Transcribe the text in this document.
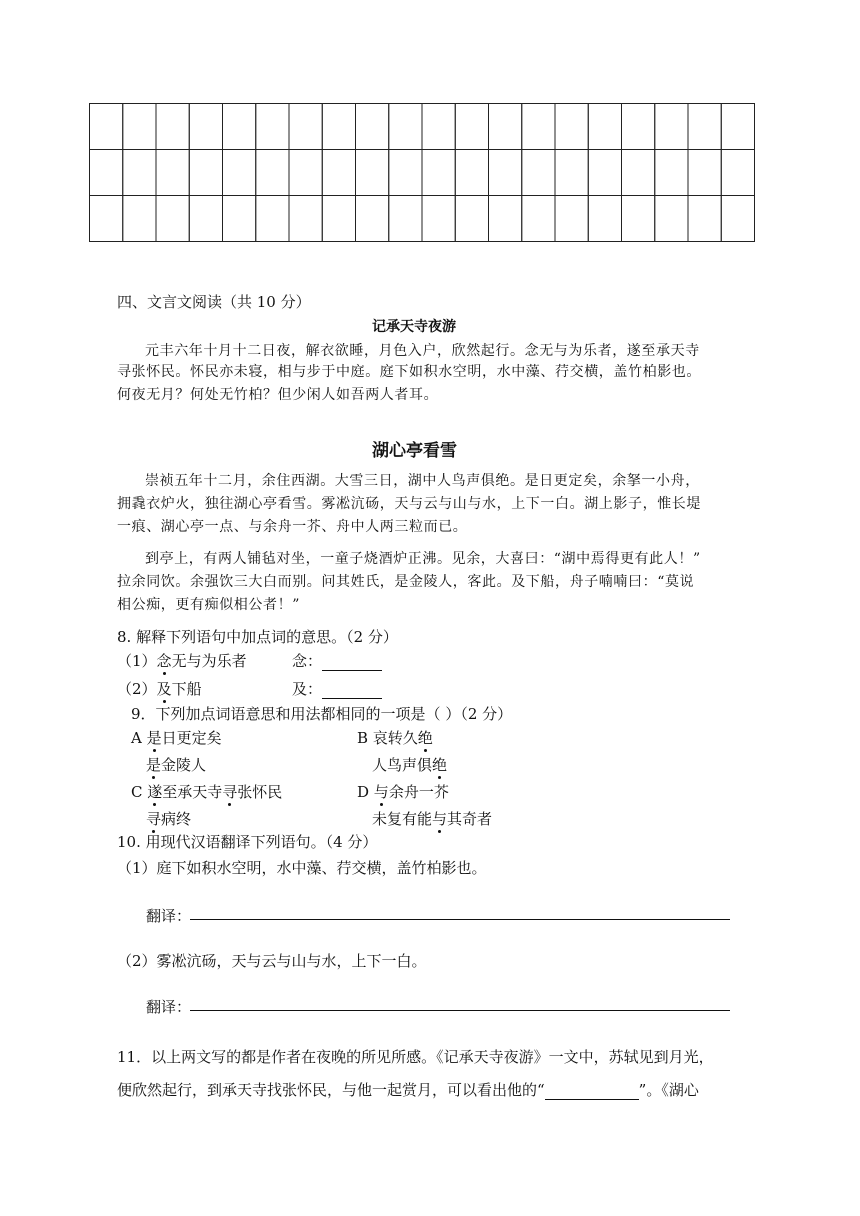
四、文言文阅读（共 10 分）
记承天寺夜游
元丰六年十月十二日夜，解衣欲睡，月色入户，欣然起行。念无与为乐者，遂至承天寺
寻张怀民。怀民亦未寝，相与步于中庭。庭下如积水空明，水中藻、荇交横，盖竹柏影也。
何夜无月？何处无竹柏？但少闲人如吾两人者耳。
湖心亭看雪
崇祯五年十二月，余住西湖。大雪三日，湖中人鸟声俱绝。是日更定矣，余拏一小舟，
拥毳衣炉火，独往湖心亭看雪。雾凇沆砀，天与云与山与水，上下一白。湖上影子，惟长堤
一痕、湖心亭一点、与余舟一芥、舟中人两三粒而已。
到亭上，有两人铺毡对坐，一童子烧酒炉正沸。见余，大喜曰：“湖中焉得更有此人！”
拉余同饮。余强饮三大白而别。问其姓氏，是金陵人，客此。及下船，舟子喃喃曰：“莫说
相公痴，更有痴似相公者！”
8. 解释下列语句中加点词的意思。（2 分）
（1）念无与为乐者	念：
（2）及下船	及：
9．下列加点词语意思和用法都相同的一项是（ ）（2 分）
A 是日更定矣	B 哀转久绝
是金陵人	人鸟声俱绝
C 遂至承天寺寻张怀民	D 与余舟一芥
寻病终	未复有能与其奇者
10. 用现代汉语翻译下列语句。（4 分）
（1）庭下如积水空明，水中藻、荇交横，盖竹柏影也。
翻译：
（2）雾凇沆砀，天与云与山与水，上下一白。
翻译：
11．以上两文写的都是作者在夜晚的所见所感。《记承天寺夜游》一文中，苏轼见到月光，
便欣然起行，到承天寺找张怀民，与他一起赏月，可以看出他的“	”。《湖心
